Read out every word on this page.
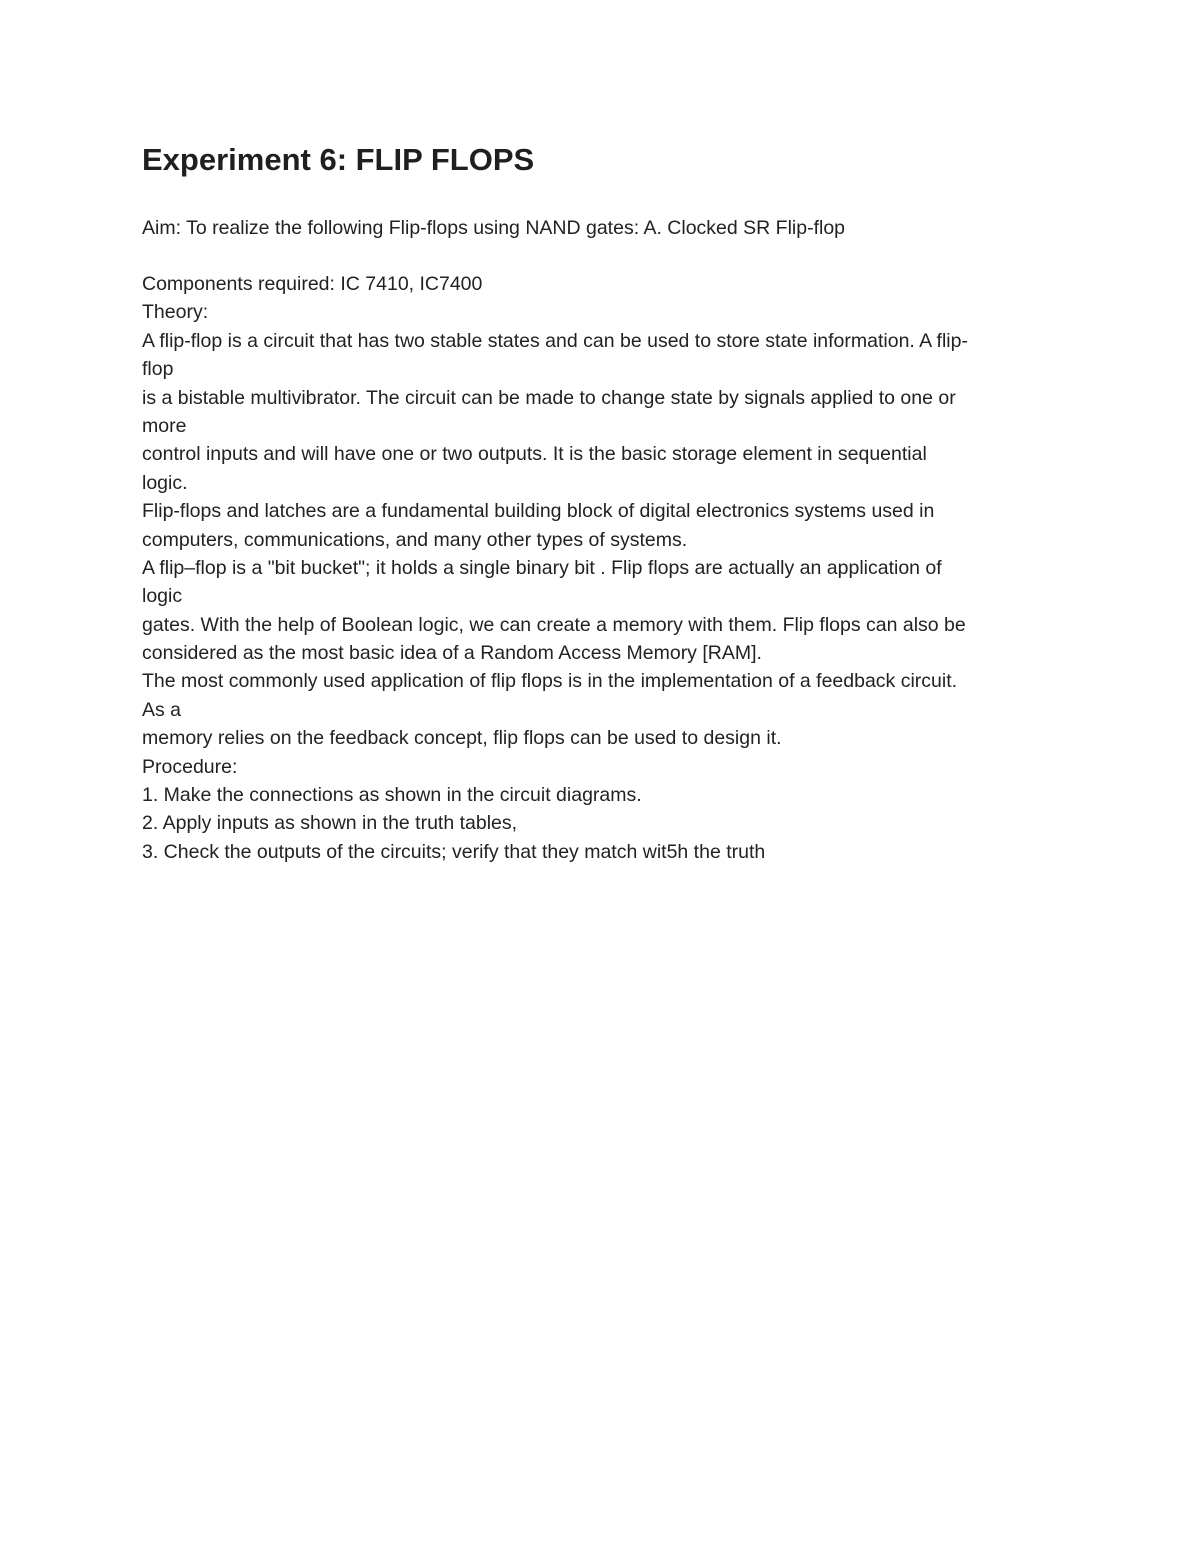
Experiment 6: FLIP FLOPS

Aim: To realize the following Flip-flops using NAND gates: A. Clocked SR Flip-flop

Components required: IC 7410, IC7400
Theory:
A flip-flop is a circuit that has two stable states and can be used to store state information. A flip-
flop
is a bistable multivibrator. The circuit can be made to change state by signals applied to one or
more
control inputs and will have one or two outputs. It is the basic storage element in sequential
logic.
Flip-flops and latches are a fundamental building block of digital electronics systems used in
computers, communications, and many other types of systems.
A flip–flop is a "bit bucket"; it holds a single binary bit . Flip flops are actually an application of
logic
gates. With the help of Boolean logic, we can create a memory with them. Flip flops can also be
considered as the most basic idea of a Random Access Memory [RAM].
The most commonly used application of flip flops is in the implementation of a feedback circuit.
As a
memory relies on the feedback concept, flip flops can be used to design it.
Procedure:
1. Make the connections as shown in the circuit diagrams.
2. Apply inputs as shown in the truth tables,
3. Check the outputs of the circuits; verify that they match wit5h the truth
